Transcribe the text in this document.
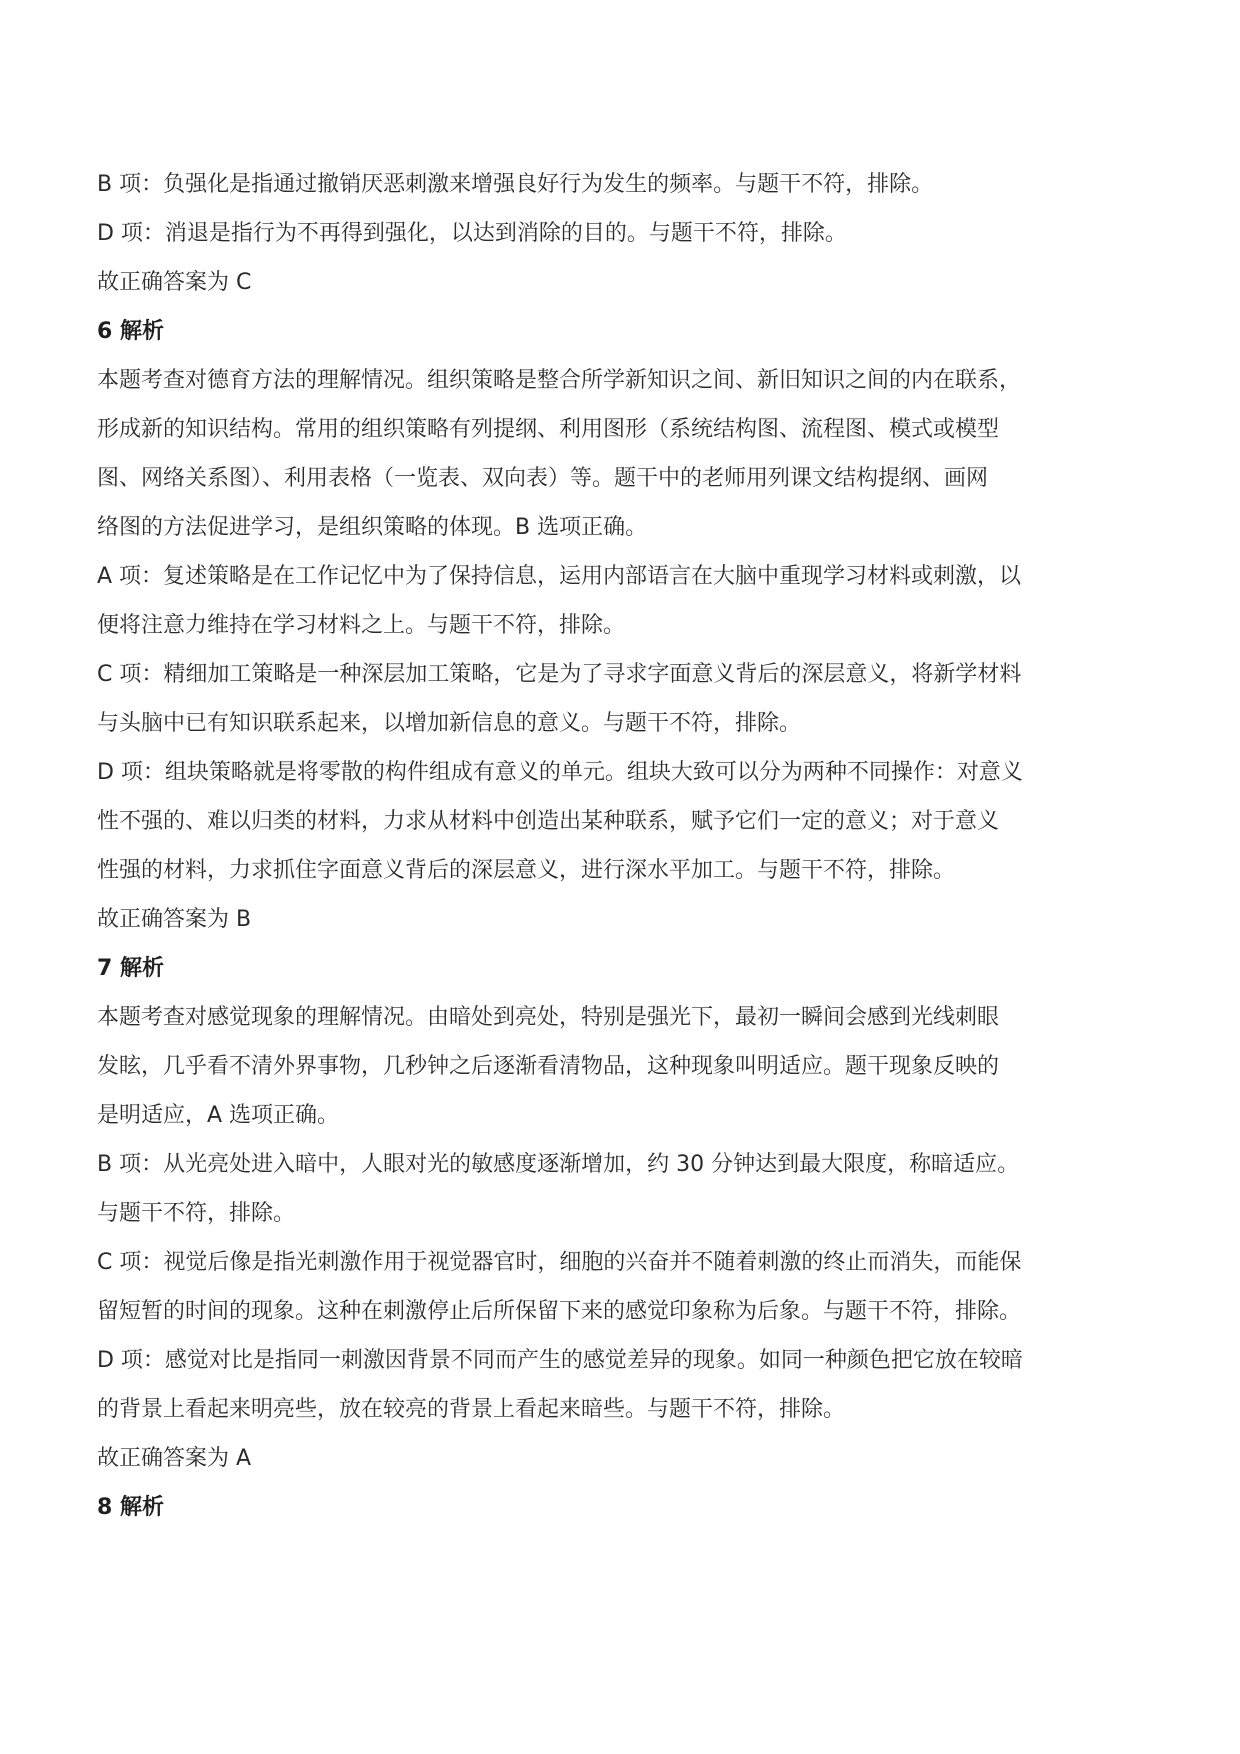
B 项：负强化是指通过撤销厌恶刺激来增强良好行为发生的频率。与题干不符，排除。

D 项：消退是指行为不再得到强化，以达到消除的目的。与题干不符，排除。

故正确答案为 C

6 解析

本题考查对德育方法的理解情况。组织策略是整合所学新知识之间、新旧知识之间的内在联系，

形成新的知识结构。常用的组织策略有列提纲、利用图形（系统结构图、流程图、模式或模型

图、网络关系图）、利用表格（一览表、双向表）等。题干中的老师用列课文结构提纲、画网

络图的方法促进学习，是组织策略的体现。B 选项正确。

A 项：复述策略是在工作记忆中为了保持信息，运用内部语言在大脑中重现学习材料或刺激，以

便将注意力维持在学习材料之上。与题干不符，排除。

C 项：精细加工策略是一种深层加工策略，它是为了寻求字面意义背后的深层意义，将新学材料

与头脑中已有知识联系起来，以增加新信息的意义。与题干不符，排除。

D 项：组块策略就是将零散的构件组成有意义的单元。组块大致可以分为两种不同操作：对意义

性不强的、难以归类的材料，力求从材料中创造出某种联系，赋予它们一定的意义；对于意义

性强的材料，力求抓住字面意义背后的深层意义，进行深水平加工。与题干不符，排除。

故正确答案为 B

7 解析

本题考查对感觉现象的理解情况。由暗处到亮处，特别是强光下，最初一瞬间会感到光线刺眼

发眩，几乎看不清外界事物，几秒钟之后逐渐看清物品，这种现象叫明适应。题干现象反映的

是明适应，A 选项正确。

B 项：从光亮处进入暗中，人眼对光的敏感度逐渐增加，约 30 分钟达到最大限度，称暗适应。

与题干不符，排除。

C 项：视觉后像是指光刺激作用于视觉器官时，细胞的兴奋并不随着刺激的终止而消失，而能保

留短暂的时间的现象。这种在刺激停止后所保留下来的感觉印象称为后象。与题干不符，排除。

D 项：感觉对比是指同一刺激因背景不同而产生的感觉差异的现象。如同一种颜色把它放在较暗

的背景上看起来明亮些，放在较亮的背景上看起来暗些。与题干不符，排除。

故正确答案为 A

8 解析
